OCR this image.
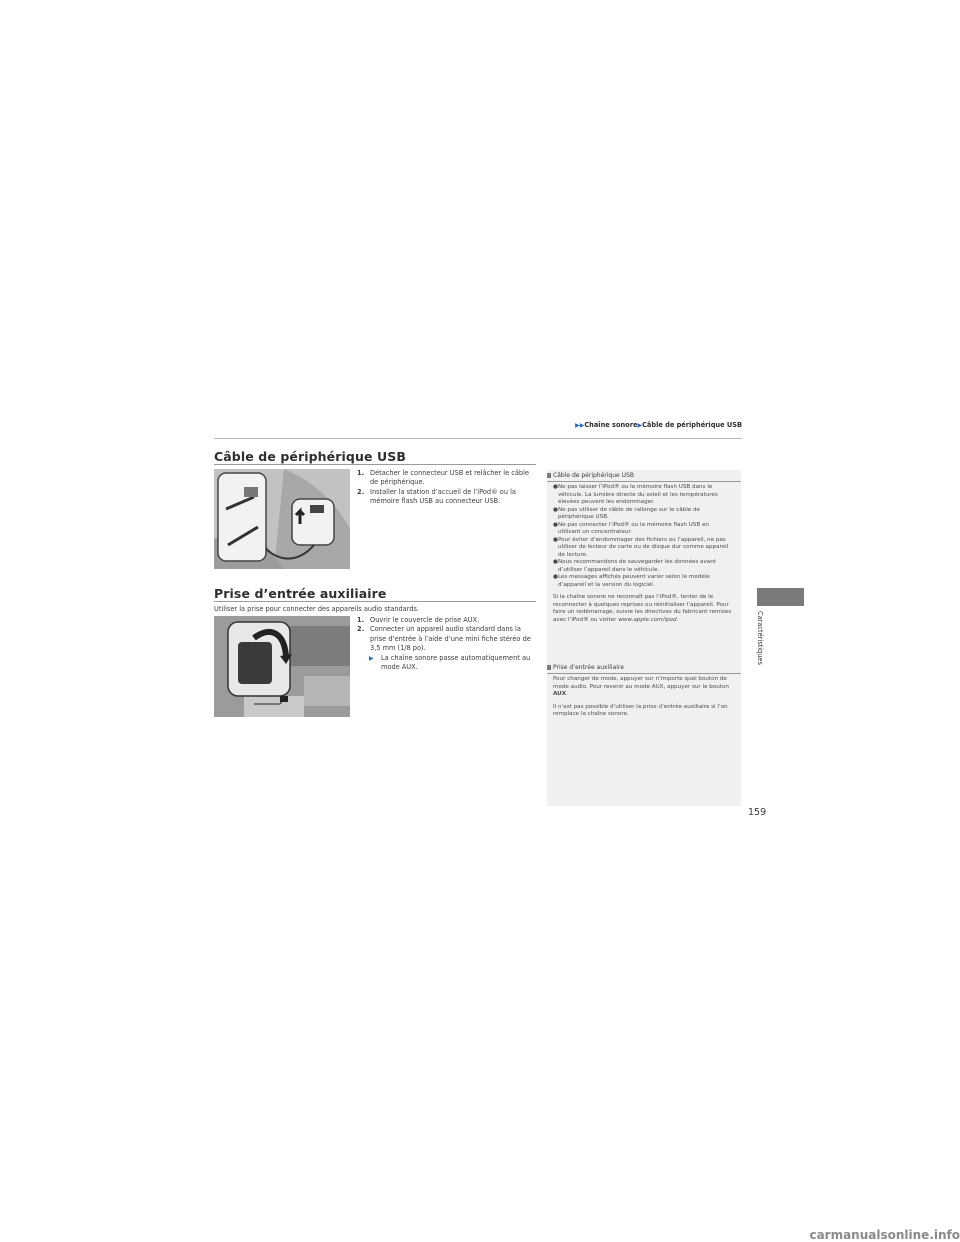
▶▶Chaîne sonore▶Câble de périphérique USB
Câble de périphérique USB
1. Détacher le connecteur USB et relâcher le câble de périphérique.
2. Installer la station d’accueil de l’iPod® ou la mémoire flash USB au connecteur USB.
Prise d’entrée auxiliaire
Utiliser la prise pour connecter des appareils audio standards.
1. Ouvrir le couvercle de prise AUX.
2. Connecter un appareil audio standard dans la prise d’entrée à l’aide d’une mini fiche stéréo de 3,5 mm (1/8 po).
▶ La chaîne sonore passe automatiquement au mode AUX.
Câble de périphérique USB
● Ne pas laisser l’iPod® ou la mémoire flash USB dans le véhicule. La lumière directe du soleil et les températures élevées peuvent les endommager.
● Ne pas utiliser de câble de rallonge sur le câble de périphérique USB.
● Ne pas connecter l’iPod® ou la mémoire flash USB en utilisant un concentrateur.
● Pour éviter d’endommager des fichiers ou l’appareil, ne pas utiliser de lecteur de carte ou de disque dur comme appareil de lecture.
● Nous recommandons de sauvegarder les données avant d’utiliser l’appareil dans le véhicule.
● Les messages affichés peuvent varier selon le modèle d’appareil et la version du logiciel.
Si la chaîne sonore ne reconnaît pas l’iPod®, tenter de le reconnecter à quelques reprises ou réinitialiser l’appareil. Pour faire un redémarrage, suivre les directives du fabricant remises avec l’iPod® ou visiter www.apple.com/ipod.
Prise d’entrée auxiliaire
Pour changer de mode, appuyer sur n’importe quel bouton de mode audio. Pour revenir au mode AUX, appuyer sur le bouton AUX.
Il n’est pas possible d’utiliser la prise d’entrée auxiliaire si l’on remplace la chaîne sonore.
Caractéristiques
159
carmanualsonline.info
